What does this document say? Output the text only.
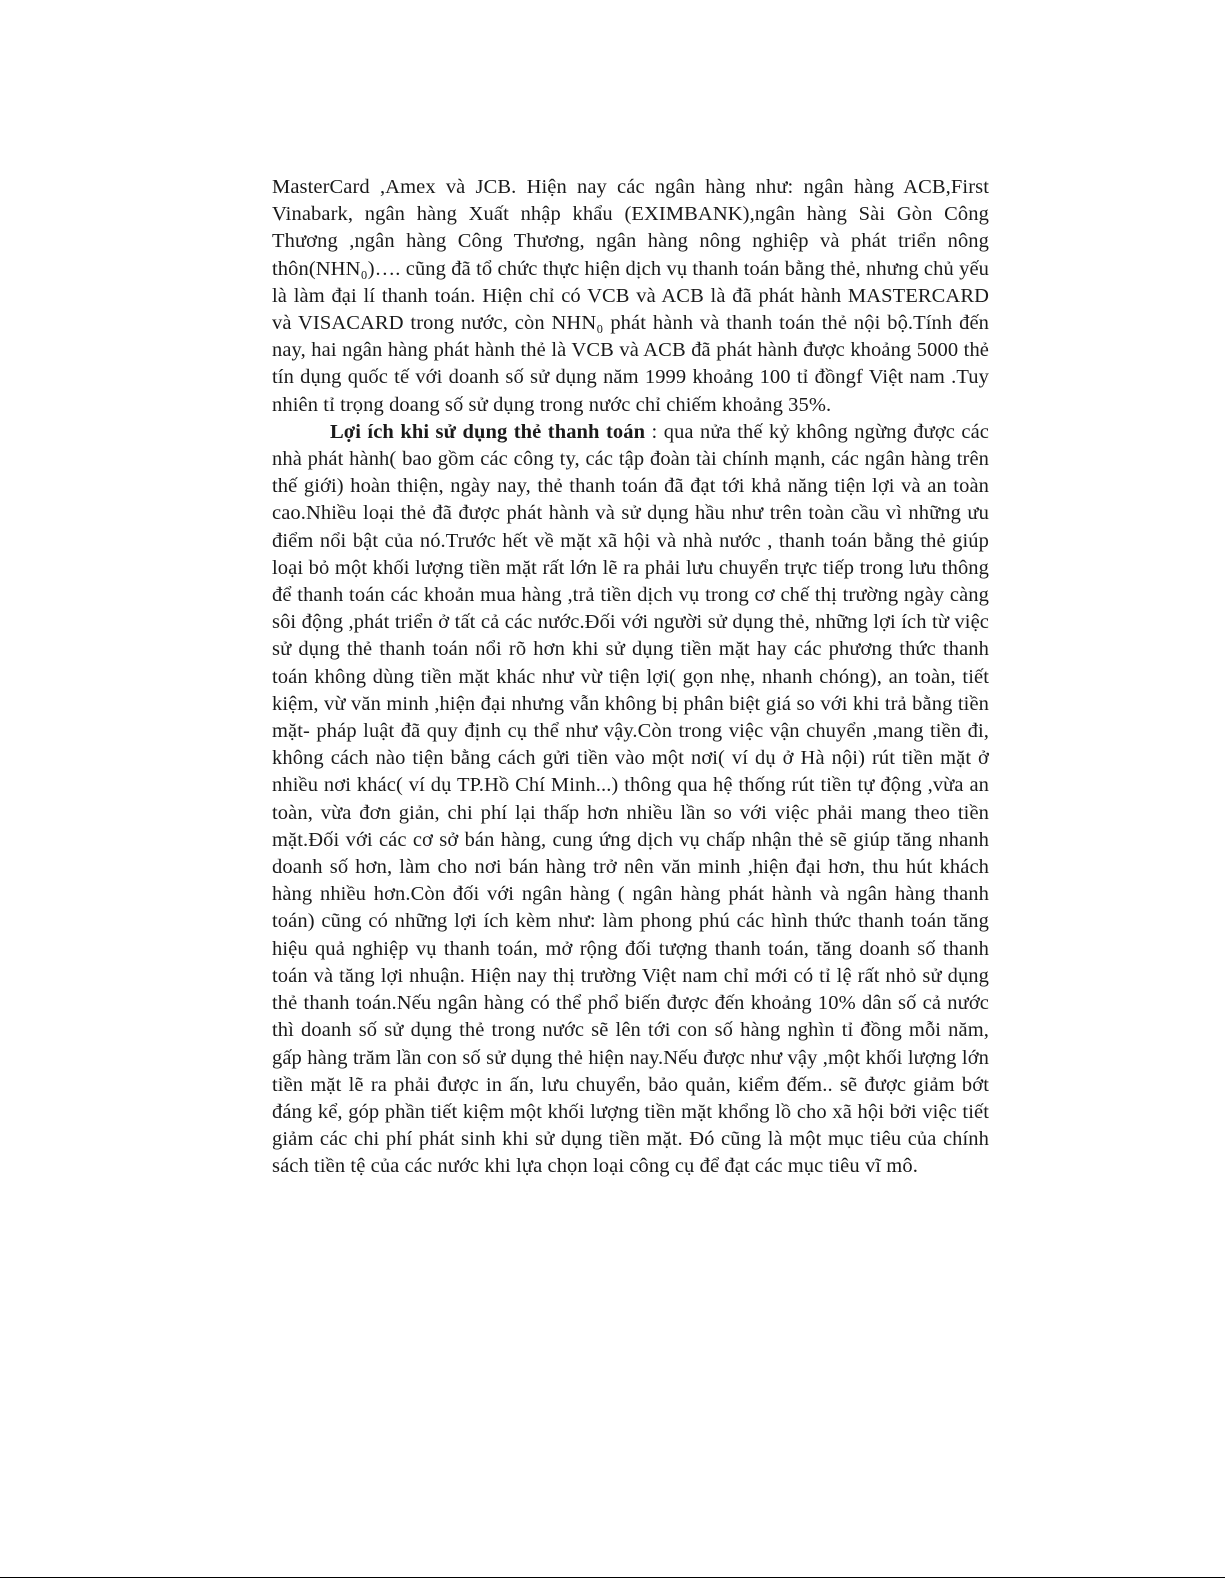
MasterCard ,Amex và JCB. Hiện nay các ngân hàng như: ngân hàng ACB,First Vinabark, ngân hàng Xuất nhập khẩu (EXIMBANK),ngân hàng Sài Gòn Công Thương ,ngân hàng Công Thương, ngân hàng nông nghiệp và phát triển nông thôn(NHN₀)…. cũng đã tổ chức thực hiện dịch vụ thanh toán bằng thẻ, nhưng chủ yếu là làm đại lí thanh toán. Hiện chỉ có VCB và ACB là đã phát hành MASTERCARD và VISACARD trong nước, còn NHN₀ phát hành và thanh toán thẻ nội bộ.Tính đến nay, hai ngân hàng phát hành thẻ là VCB và ACB đã phát hành được khoảng 5000 thẻ tín dụng quốc tế với doanh số sử dụng năm 1999 khoảng 100 tỉ đồngf Việt nam .Tuy nhiên tỉ trọng doang số sử dụng trong nước chỉ chiếm khoảng 35%.

Lợi ích khi sử dụng thẻ thanh toán : qua nửa thế kỷ không ngừng được các nhà phát hành( bao gồm các công ty, các tập đoàn tài chính mạnh, các ngân hàng trên thế giới) hoàn thiện, ngày nay, thẻ thanh toán đã đạt tới khả năng tiện lợi và an toàn cao.Nhiều loại thẻ đã được phát hành và sử dụng hầu như trên toàn cầu vì những ưu điểm nổi bật của nó.Trước hết về mặt xã hội và nhà nước , thanh toán bằng thẻ giúp loại bỏ một khối lượng tiền mặt rất lớn lẽ ra phải lưu chuyển trực tiếp trong lưu thông để thanh toán các khoản mua hàng ,trả tiền dịch vụ trong cơ chế thị trường ngày càng sôi động ,phát triển ở tất cả các nước.Đối với người sử dụng thẻ, những lợi ích từ việc sử dụng thẻ thanh toán nổi rõ hơn khi sử dụng tiền mặt hay các phương thức thanh toán không dùng tiền mặt khác như vừ tiện lợi( gọn nhẹ, nhanh chóng), an toàn, tiết kiệm, vừ văn minh ,hiện đại nhưng vẫn không bị phân biệt giá so với khi trả bằng tiền mặt- pháp luật đã quy định cụ thể như vậy.Còn trong việc vận chuyển ,mang tiền đi, không cách nào tiện bằng cách gửi tiền vào một nơi( ví dụ ở Hà nội) rút tiền mặt ở nhiều nơi khác( ví dụ TP.Hồ Chí Minh...) thông qua hệ thống rút tiền tự động ,vừa an toàn, vừa đơn giản, chi phí lại thấp hơn nhiều lần so với việc phải mang theo tiền mặt.Đối với các cơ sở bán hàng, cung ứng dịch vụ chấp nhận thẻ sẽ giúp tăng nhanh doanh số hơn, làm cho nơi bán hàng trở nên văn minh ,hiện đại hơn, thu hút khách hàng nhiều hơn.Còn đối với ngân hàng ( ngân hàng phát hành và ngân hàng thanh toán) cũng có những lợi ích kèm như: làm phong phú các hình thức thanh toán tăng hiệu quả nghiệp vụ thanh toán, mở rộng đối tượng thanh toán, tăng doanh số thanh toán và tăng lợi nhuận. Hiện nay thị trường Việt nam chỉ mới có tỉ lệ rất nhỏ sử dụng thẻ thanh toán.Nếu ngân hàng có thể phổ biến được đến khoảng 10% dân số cả nước thì doanh số sử dụng thẻ trong nước sẽ lên tới con số hàng nghìn tỉ đồng mỗi năm, gấp hàng trăm lần con số sử dụng thẻ hiện nay.Nếu được như vậy ,một khối lượng lớn tiền mặt lẽ ra phải được in ấn, lưu chuyển, bảo quản, kiểm đếm.. sẽ được giảm bớt đáng kể, góp phần tiết kiệm một khối lượng tiền mặt khổng lồ cho xã hội bởi việc tiết giảm các chi phí phát sinh khi sử dụng tiền mặt. Đó cũng là một mục tiêu của chính sách tiền tệ của các nước khi lựa chọn loại công cụ để đạt các mục tiêu vĩ mô.
